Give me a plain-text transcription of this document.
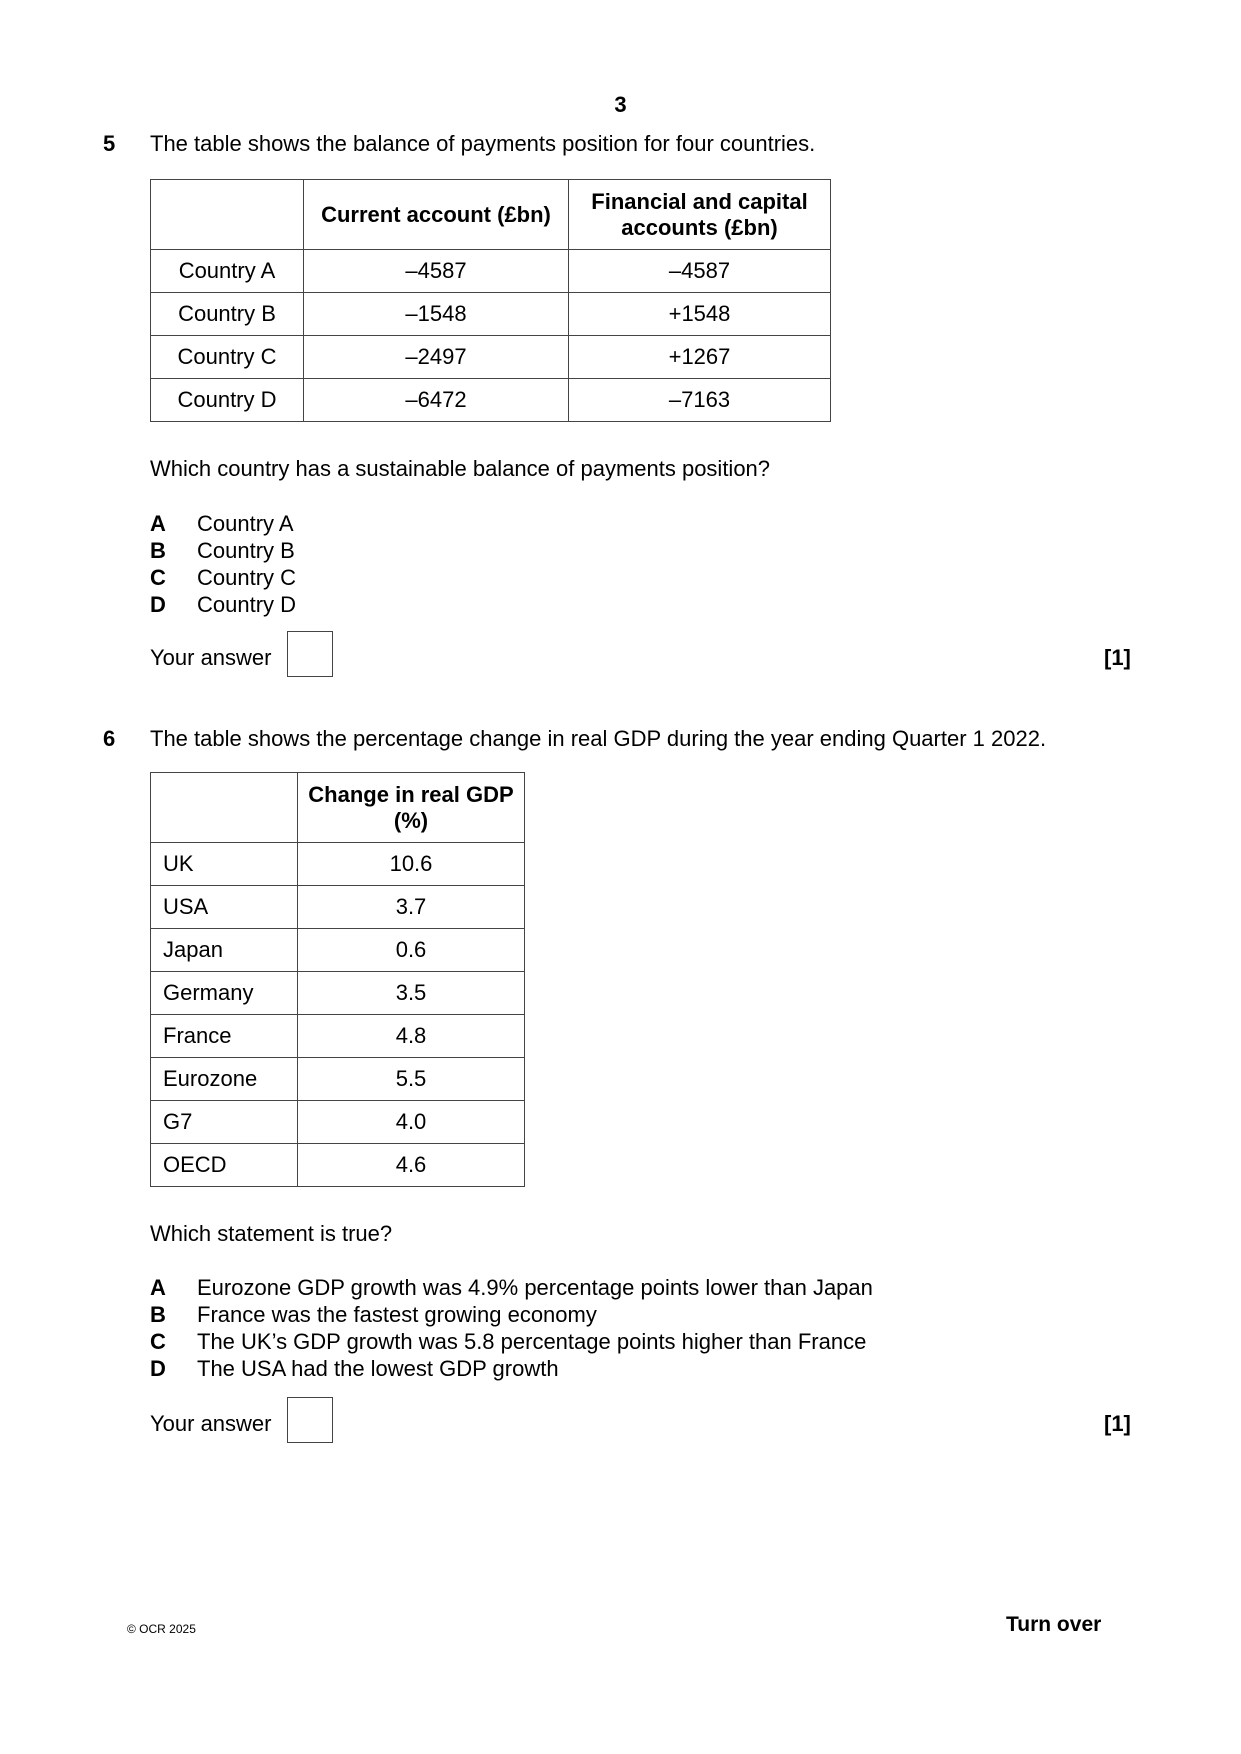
3
5 The table shows the balance of payments position for four countries.
	Current account (£bn)	Financial and capital accounts (£bn)
Country A	–4587	–4587
Country B	–1548	+1548
Country C	–2497	+1267
Country D	–6472	–7163
Which country has a sustainable balance of payments position?
A	Country A
B	Country B
C	Country C
D	Country D
Your answer	[1]
6 The table shows the percentage change in real GDP during the year ending Quarter 1 2022.
	Change in real GDP (%)
UK	10.6
USA	3.7
Japan	0.6
Germany	3.5
France	4.8
Eurozone	5.5
G7	4.0
OECD	4.6
Which statement is true?
A	Eurozone GDP growth was 4.9% percentage points lower than Japan
B	France was the fastest growing economy
C	The UK’s GDP growth was 5.8 percentage points higher than France
D	The USA had the lowest GDP growth
Your answer	[1]
© OCR 2025	Turn over
